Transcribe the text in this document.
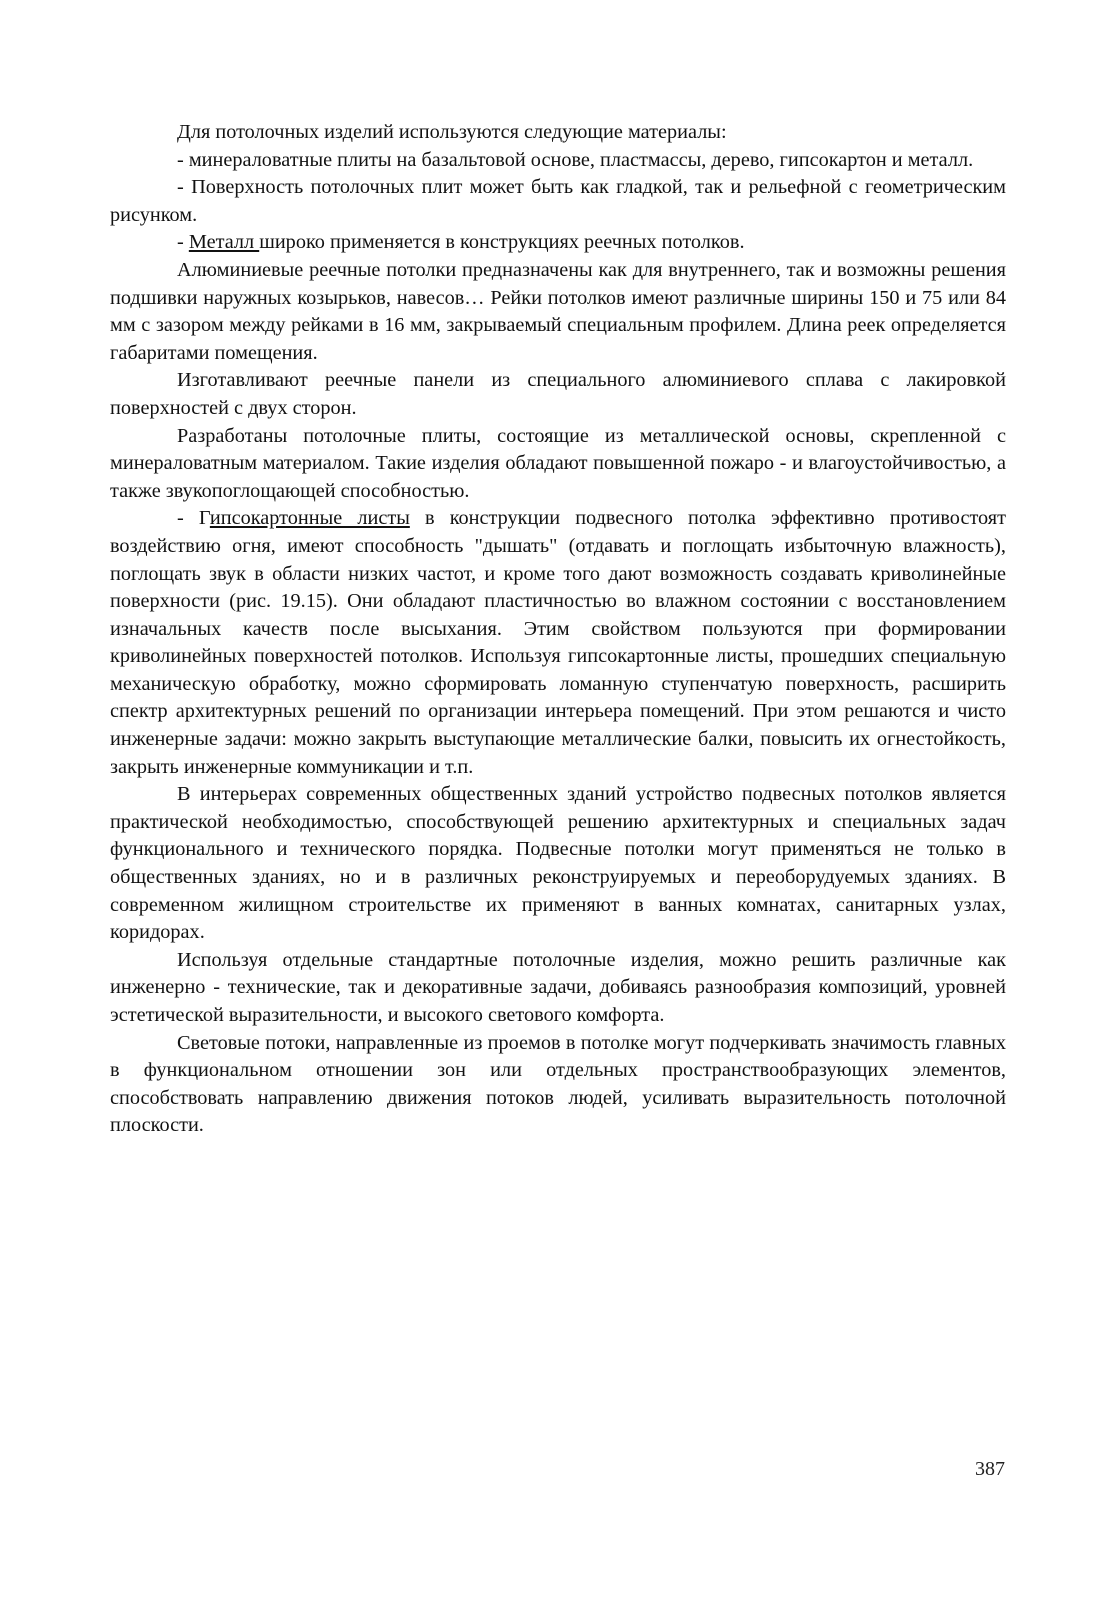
Для потолочных изделий используются следующие материалы:

- минераловатные плиты на базальтовой основе, пластмассы, дерево, гипсокартон и металл.

- Поверхность потолочных плит может быть как гладкой, так и рельефной с геометрическим рисунком.

- Металл широко применяется в конструкциях реечных потолков.

Алюминиевые реечные потолки предназначены как для внутреннего, так и возможны решения подшивки наружных козырьков, навесов… Рейки потолков имеют различные ширины 150 и 75 или 84 мм с зазором между рейками в 16 мм, закрываемый специальным профилем. Длина реек определяется габаритами помещения.

Изготавливают реечные панели из специального алюминиевого сплава с лакировкой поверхностей с двух сторон.

Разработаны потолочные плиты, состоящие из металлической основы, скрепленной с минераловатным материалом. Такие изделия обладают повышенной пожаро - и влагоустойчивостью, а также звукопоглощающей способностью.

- Гипсокартонные листы в конструкции подвесного потолка эффективно противостоят воздействию огня, имеют способность "дышать" (отдавать и поглощать избыточную влажность), поглощать звук в области низких частот, и кроме того дают возможность создавать криволинейные поверхности (рис. 19.15). Они обладают пластичностью во влажном состоянии с восстановлением изначальных качеств после высыхания. Этим свойством пользуются при формировании криволинейных поверхностей потолков. Используя гипсокартонные листы, прошедших специальную механическую обработку, можно сформировать ломанную ступенчатую поверхность, расширить спектр архитектурных решений по организации интерьера помещений. При этом решаются и чисто инженерные задачи: можно закрыть выступающие металлические балки, повысить их огнестойкость, закрыть инженерные коммуникации и т.п.

В интерьерах современных общественных зданий устройство подвесных потолков является практической необходимостью, способствующей решению архитектурных и специальных задач функционального и технического порядка. Подвесные потолки могут применяться не только в общественных зданиях, но и в различных реконструируемых и переоборудуемых зданиях. В современном жилищном строительстве их применяют в ванных комнатах, санитарных узлах, коридорах.

Используя отдельные стандартные потолочные изделия, можно решить различные как инженерно - технические, так и декоративные задачи, добиваясь разнообразия композиций, уровней эстетической выразительности, и высокого светового комфорта.

Световые потоки, направленные из проемов в потолке могут подчеркивать значимость главных в функциональном отношении зон или отдельных пространствообразующих элементов, способствовать направлению движения потоков людей, усиливать выразительность потолочной плоскости.

387
